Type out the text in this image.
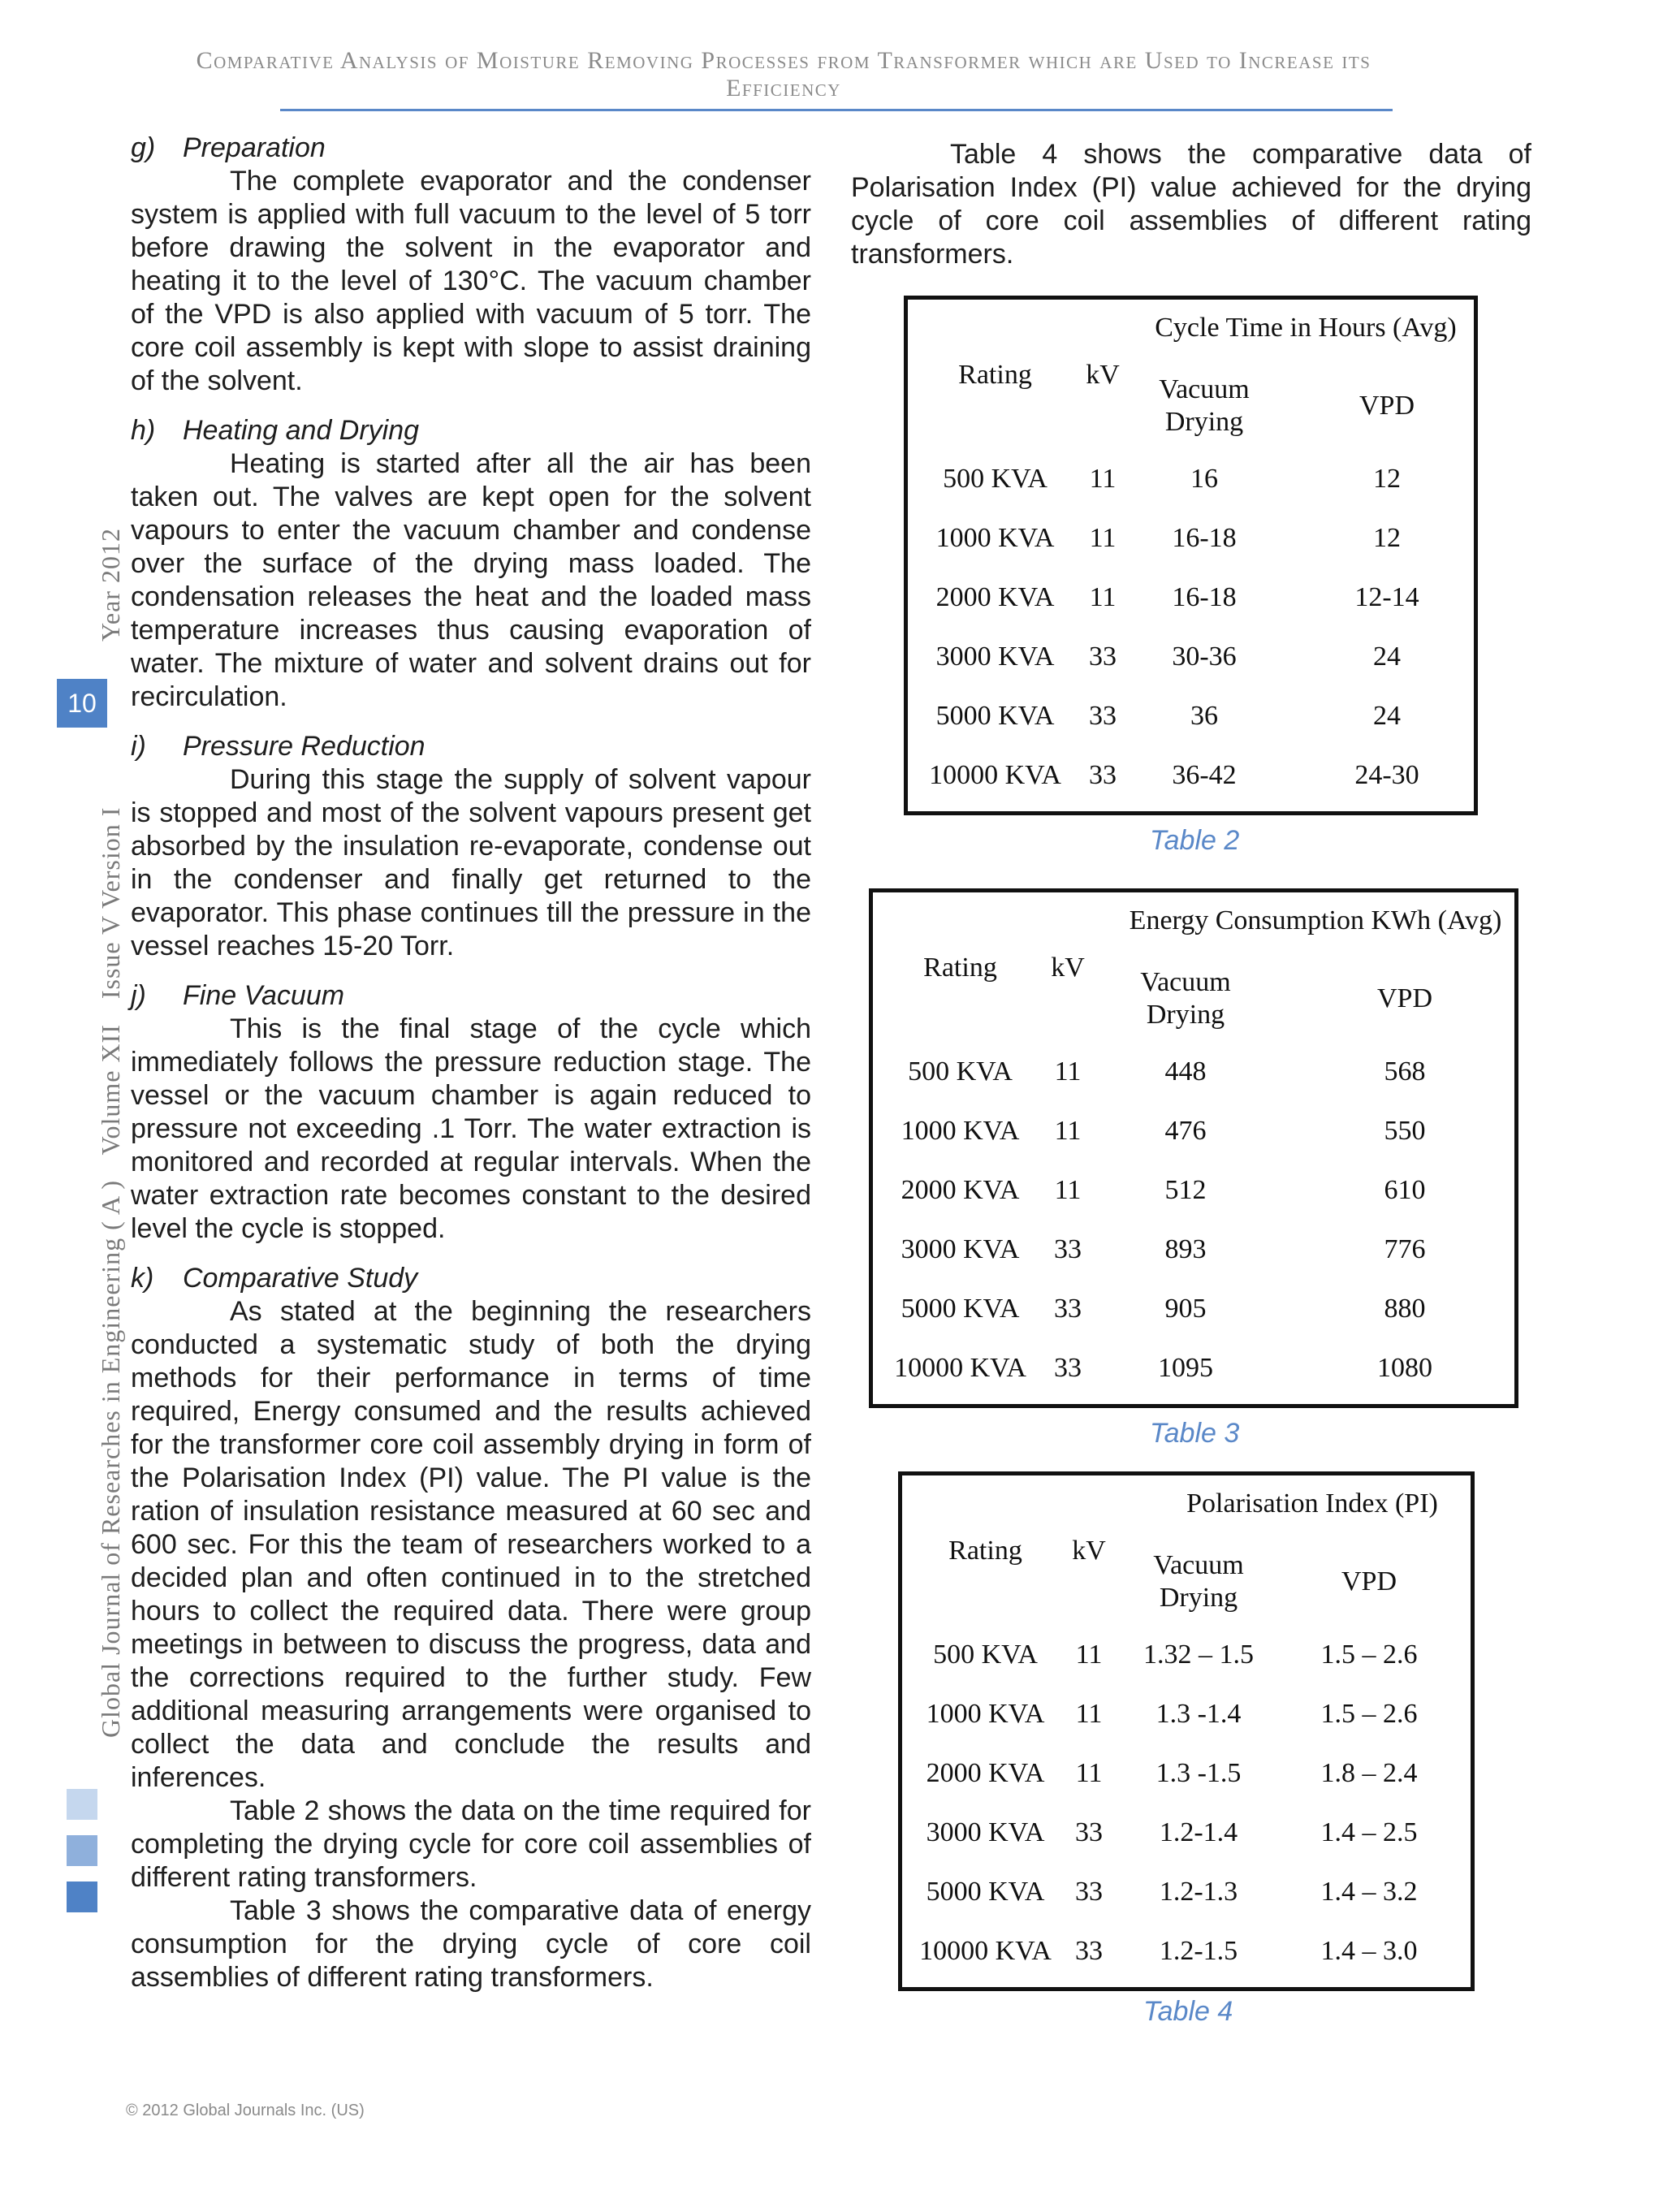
Comparative Analysis of Moisture Removing Processes from Transformer which are Used to Increase its
Efficiency
Global Journal of Researches in Engineering ( A ) Volume XII Issue V Version I
Year 2012
10

g) Preparation

The complete evaporator and the condenser system is applied with full vacuum to the level of 5 torr before drawing the solvent in the evaporator and heating it to the level of 130°C. The vacuum chamber of the VPD is also applied with vacuum of 5 torr. The core coil assembly is kept with slope to assist draining of the solvent.

h) Heating and Drying

Heating is started after all the air has been taken out. The valves are kept open for the solvent vapours to enter the vacuum chamber and condense over the surface of the drying mass loaded. The condensation releases the heat and the loaded mass temperature increases thus causing evaporation of water. The mixture of water and solvent drains out for recirculation.

i) Pressure Reduction

During this stage the supply of solvent vapour is stopped and most of the solvent vapours present get absorbed by the insulation re-evaporate, condense out in the condenser and finally get returned to the evaporator. This phase continues till the pressure in the vessel reaches 15-20 Torr.

j) Fine Vacuum

This is the final stage of the cycle which immediately follows the pressure reduction stage. The vessel or the vacuum chamber is again reduced to pressure not exceeding .1 Torr. The water extraction is monitored and recorded at regular intervals. When the water extraction rate becomes constant to the desired level the cycle is stopped.

k) Comparative Study

As stated at the beginning the researchers conducted a systematic study of both the drying methods for their performance in terms of time required, Energy consumed and the results achieved for the transformer core coil assembly drying in form of the Polarisation Index (PI) value. The PI value is the ration of insulation resistance measured at 60 sec and 600 sec. For this the team of researchers worked to a decided plan and often continued in to the stretched hours to collect the required data. There were group meetings in between to discuss the progress, data and the corrections required to the further study. Few additional measuring arrangements were organised to collect the data and conclude the results and inferences.

Table 2 shows the data on the time required for completing the drying cycle for core coil assemblies of different rating transformers.

Table 3 shows the comparative data of energy consumption for the drying cycle of core coil assemblies of different rating transformers.

Table 4 shows the comparative data of Polarisation Index (PI) value achieved for the drying cycle of core coil assemblies of different rating transformers.

Cycle Time in Hours (Avg)
Rating	kV	Vacuum
Drying
VPD
500 KVA	11	16	12
1000 KVA	11	16-18	12
2000 KVA	11	16-18	12-14
3000 KVA	33	30-36	24
5000 KVA	33	36	24
10000 KVA	33	36-42	24-30
Table 2
Energy Consumption KWh (Avg)
Rating	kV	Vacuum
Drying
VPD
500 KVA	11	448	568
1000 KVA	11	476	550
2000 KVA	11	512	610
3000 KVA	33	893	776
5000 KVA	33	905	880
10000 KVA	33	1095	1080
Table 3
Polarisation Index (PI)
Rating	kV	Vacuum
Drying
VPD
500 KVA	11	1.32 – 1.5	1.5 – 2.6
1000 KVA	11	1.3 -1.4	1.5 – 2.6
2000 KVA	11	1.3 -1.5	1.8 – 2.4
3000 KVA	33	1.2-1.4	1.4 – 2.5
5000 KVA	33	1.2-1.3	1.4 – 3.2
10000 KVA 33	1.2-1.5	1.4 – 3.0
Table 4
© 2012 Global Journals Inc. (US)
